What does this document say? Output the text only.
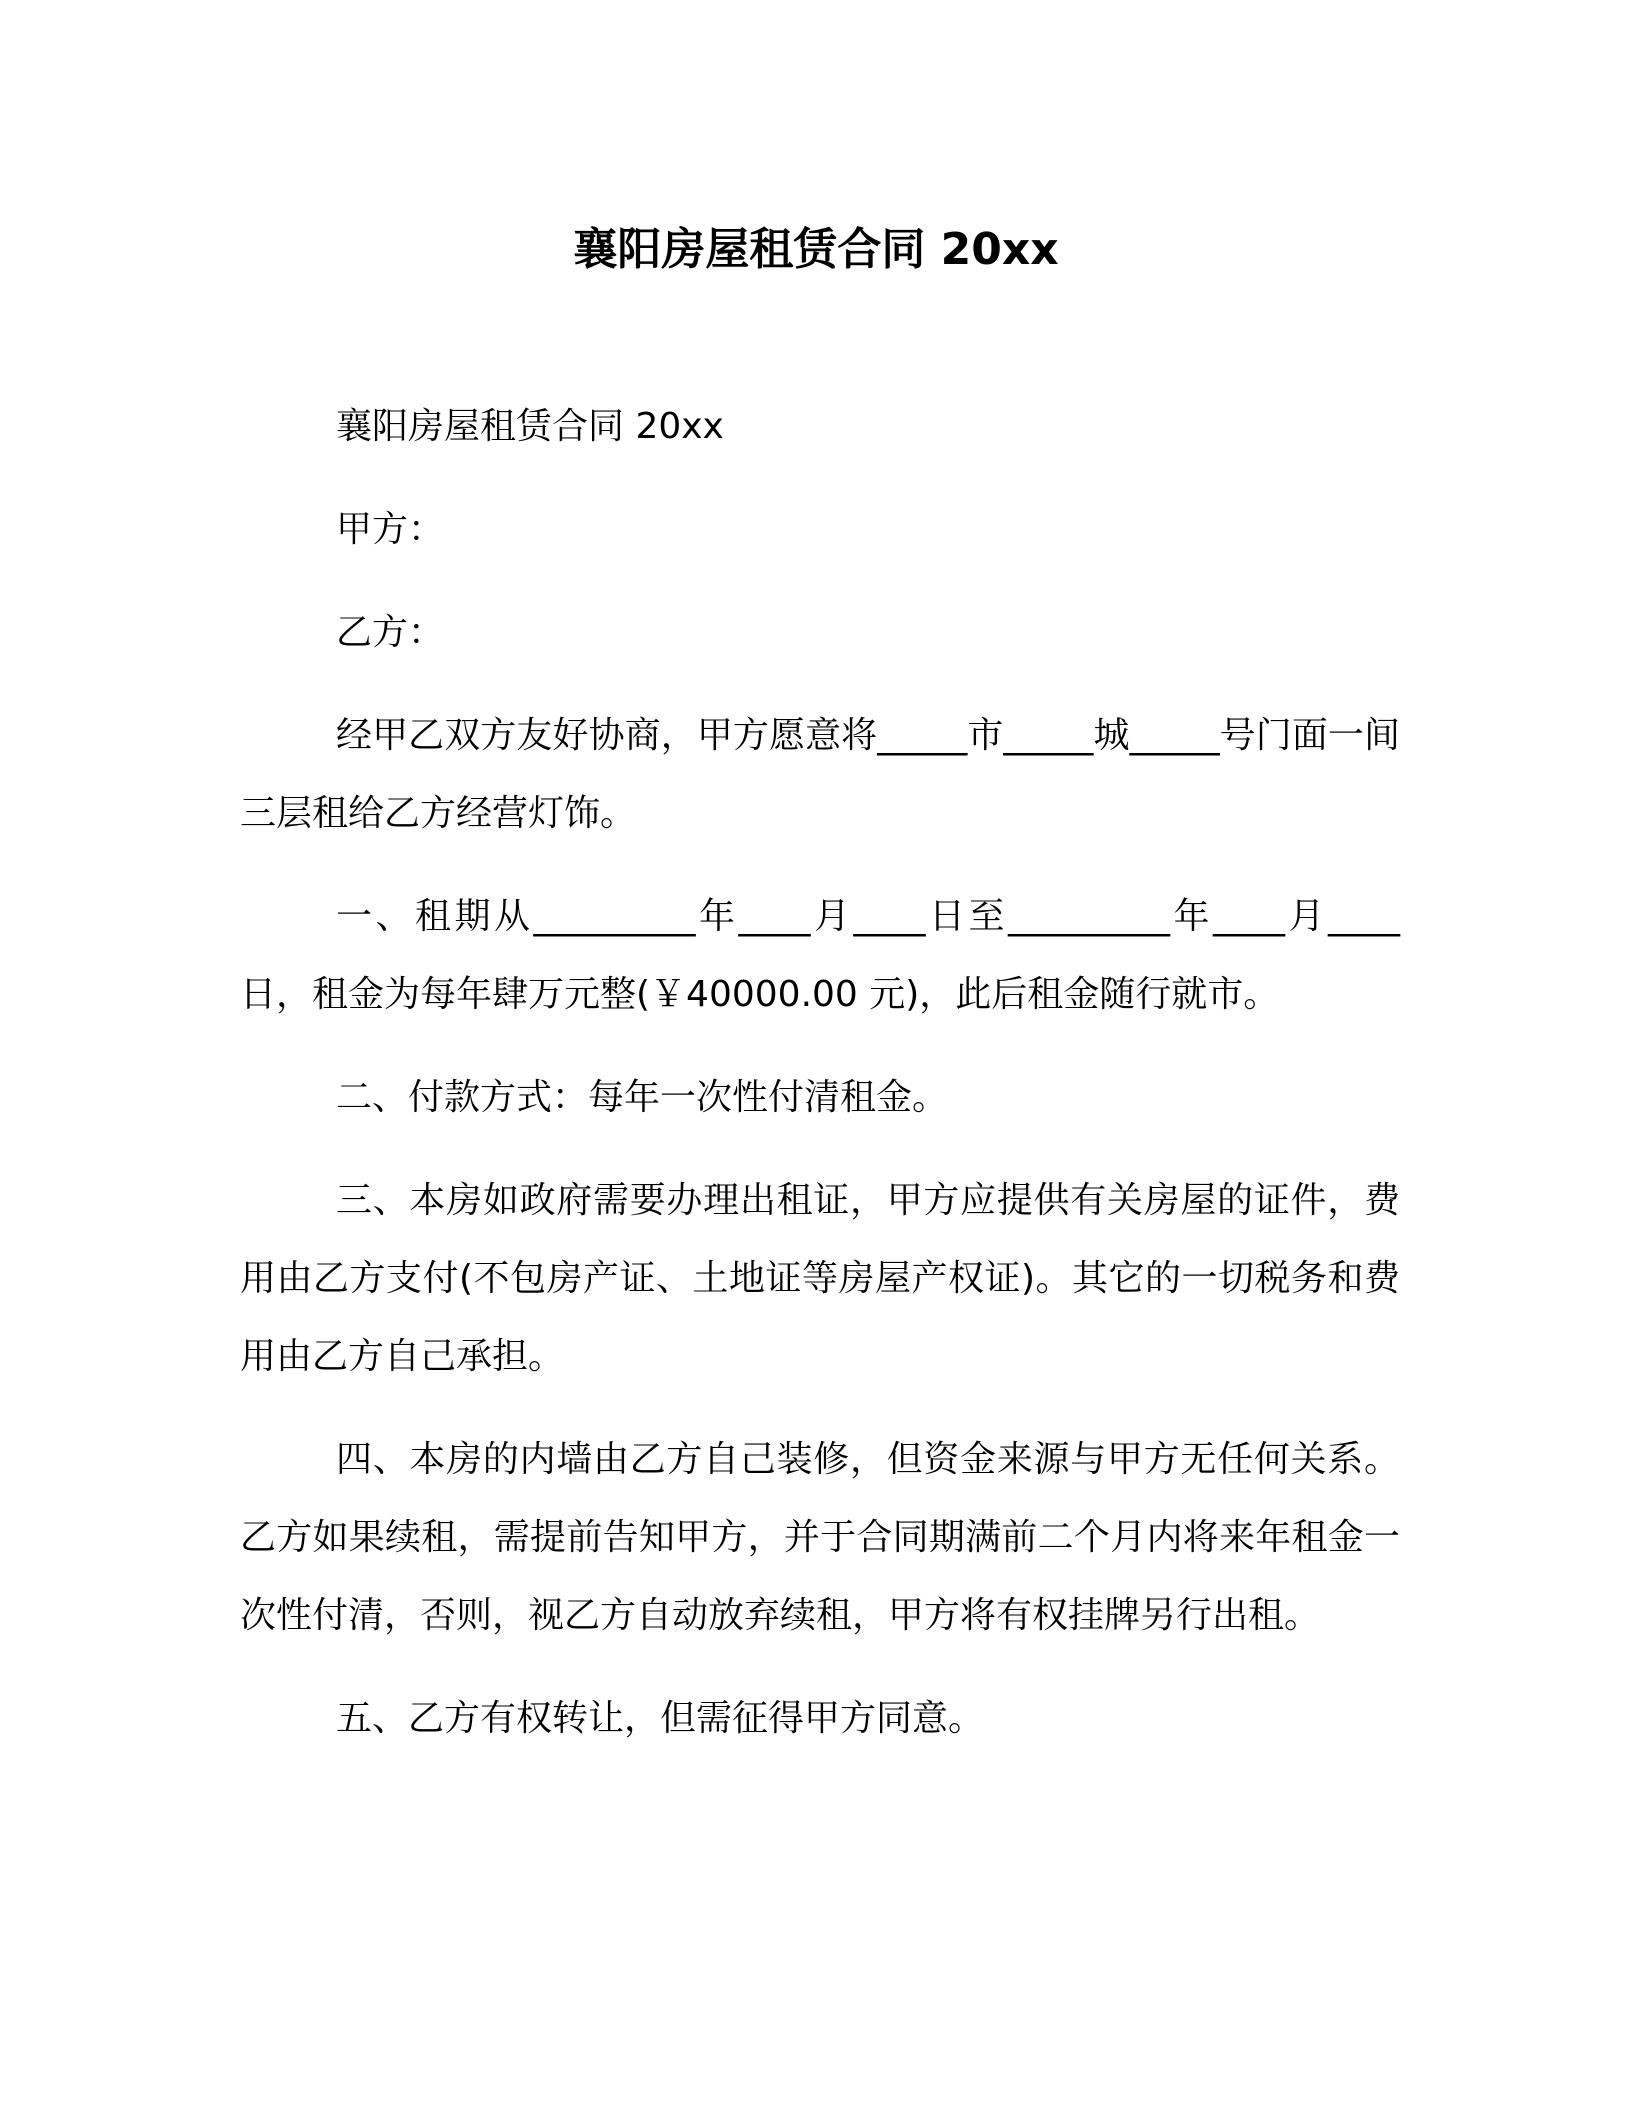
襄阳房屋租赁合同 20xx

襄阳房屋租赁合同 20xx

甲方：

乙方：

经甲乙双方友好协商，甲方愿意将_____市_____城_____号门面一间三层租给乙方经营灯饰。

一、租期从_________年____月____日至_________年____月____日，租金为每年肆万元整(￥40000.00 元)，此后租金随行就市。

二、付款方式：每年一次性付清租金。

三、本房如政府需要办理出租证，甲方应提供有关房屋的证件，费用由乙方支付(不包房产证、土地证等房屋产权证)。其它的一切税务和费用由乙方自己承担。

四、本房的内墙由乙方自己装修，但资金来源与甲方无任何关系。乙方如果续租，需提前告知甲方，并于合同期满前二个月内将来年租金一次性付清，否则，视乙方自动放弃续租，甲方将有权挂牌另行出租。

五、乙方有权转让，但需征得甲方同意。
